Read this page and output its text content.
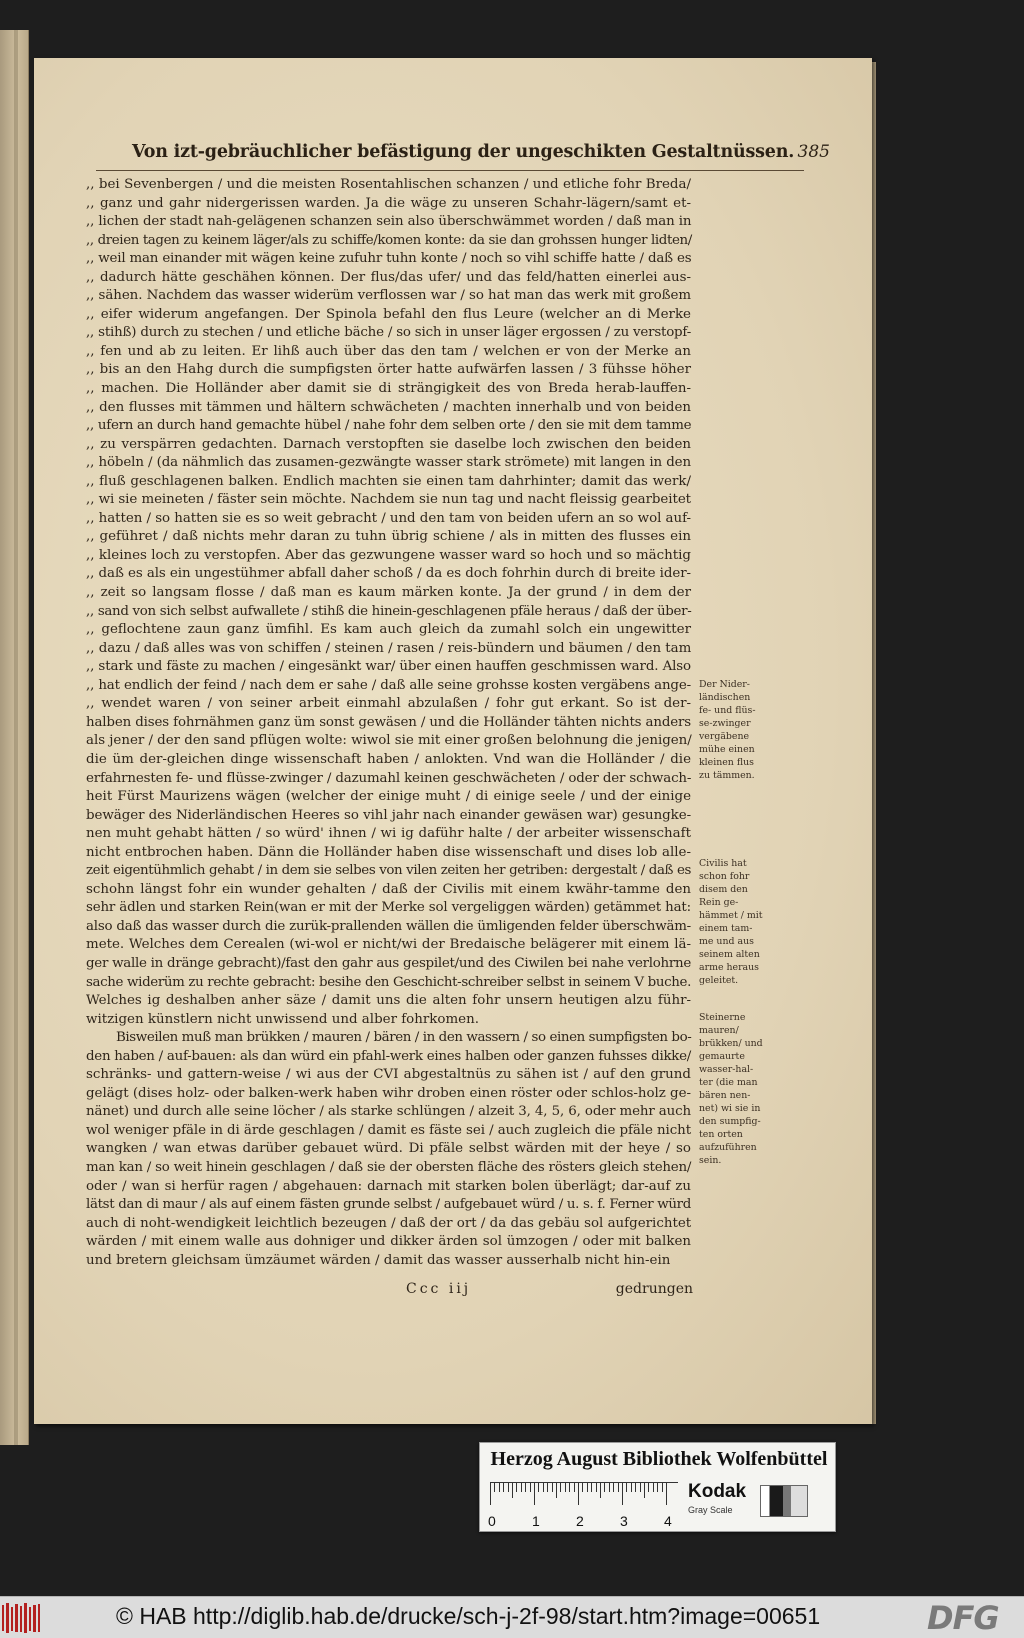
Von izt-gebräuchlicher befästigung der ungeschikten Gestaltnüssen. 385
,, bei Sevenbergen / und die meisten Rosentahlischen schanzen / und etliche fohr Breda/
,, ganz und gahr nidergerissen warden. Ja die wäge zu unseren Schahr-lägern/samt et-
,, lichen der stadt nah-gelägenen schanzen sein also überschwämmet worden / daß man in
,, dreien tagen zu keinem läger/als zu schiffe/komen konte: da sie dan grohssen hunger lidten/
,, weil man einander mit wägen keine zufuhr tuhn konte / noch so vihl schiffe hatte / daß es
,, dadurch hätte geschähen können. Der flus/das ufer/ und das feld/hatten einerlei aus-
,, sähen. Nachdem das wasser widerüm verflossen war / so hat man das werk mit großem
,, eifer widerum angefangen. Der Spinola befahl den flus Leure (welcher an di Merke
,, stihß) durch zu stechen / und etliche bäche / so sich in unser läger ergossen / zu verstopf-
,, fen und ab zu leiten. Er lihß auch über das den tam / welchen er von der Merke an
,, bis an den Hahg durch die sumpfigsten örter hatte aufwärfen lassen / 3 fühsse höher
,, machen. Die Holländer aber damit sie di strängigkeit des von Breda herab-lauffen-
,, den flusses mit tämmen und hältern schwächeten / machten innerhalb und von beiden
,, ufern an durch hand gemachte hübel / nahe fohr dem selben orte / den sie mit dem tamme
,, zu verspärren gedachten. Darnach verstopften sie daselbe loch zwischen den beiden
,, höbeln / (da nähmlich das zusamen-gezwängte wasser stark strömete) mit langen in den
,, fluß geschlagenen balken. Endlich machten sie einen tam dahrhinter; damit das werk/
,, wi sie meineten / fäster sein möchte. Nachdem sie nun tag und nacht fleissig gearbeitet
,, hatten / so hatten sie es so weit gebracht / und den tam von beiden ufern an so wol auf-
,, geführet / daß nichts mehr daran zu tuhn übrig schiene / als in mitten des flusses ein
,, kleines loch zu verstopfen. Aber das gezwungene wasser ward so hoch und so mächtig
,, daß es als ein ungestühmer abfall daher schoß / da es doch fohrhin durch di breite ider-
,, zeit so langsam flosse / daß man es kaum märken konte. Ja der grund / in dem der
,, sand von sich selbst aufwallete / stihß die hinein-geschlagenen pfäle heraus / daß der über-
,, geflochtene zaun ganz ümfihl. Es kam auch gleich da zumahl solch ein ungewitter
,, dazu / daß alles was von schiffen / steinen / rasen / reis-bündern und bäumen / den tam
,, stark und fäste zu machen / eingesänkt war/ über einen hauffen geschmissen ward. Also
,, hat endlich der feind / nach dem er sahe / daß alle seine grohsse kosten vergäbens ange-
,, wendet waren / von seiner arbeit einmahl abzulaßen / fohr gut erkant. So ist der-
halben dises fohrnähmen ganz üm sonst gewäsen / und die Holländer tähten nichts anders
als jener / der den sand pflügen wolte: wiwol sie mit einer großen belohnung die jenigen/
die üm der-gleichen dinge wissenschaft haben / anlokten. Vnd wan die Holländer / die
erfahrnesten fe- und flüsse-zwinger / dazumahl keinen geschwächeten / oder der schwach-
heit Fürst Maurizens wägen (welcher der einige muht / di einige seele / und der einige
bewäger des Niderländischen Heeres so vihl jahr nach einander gewäsen war) gesungke-
nen muht gehabt hätten / so würd' ihnen / wi ig daführ halte / der arbeiter wissenschaft
nicht entbrochen haben. Dänn die Holländer haben dise wissenschaft und dises lob alle-
zeit eigentühmlich gehabt / in dem sie selbes von vilen zeiten her getriben: dergestalt / daß es
schohn längst fohr ein wunder gehalten / daß der Civilis mit einem kwähr-tamme den
sehr ädlen und starken Rein(wan er mit der Merke sol vergeliggen wärden) getämmet hat:
also daß das wasser durch die zurük-prallenden wällen die ümligenden felder überschwäm-
mete. Welches dem Cerealen (wi-wol er nicht/wi der Bredaische belägerer mit einem lä-
ger walle in dränge gebracht)/fast den gahr aus gespilet/und des Ciwilen bei nahe verlohrne
sache widerüm zu rechte gebracht: besihe den Geschicht-schreiber selbst in seinem V buche.
Welches ig deshalben anher säze / damit uns die alten fohr unsern heutigen alzu führ-
witzigen künstlern nicht unwissend und alber fohrkomen.
Bisweilen muß man brükken / mauren / bären / in den wassern / so einen sumpfigsten bo-
den haben / auf-bauen: als dan würd ein pfahl-werk eines halben oder ganzen fuhsses dikke/
schränks- und gattern-weise / wi aus der CVI abgestaltnüs zu sähen ist / auf den grund
gelägt (dises holz- oder balken-werk haben wihr droben einen röster oder schlos-holz ge-
nänet) und durch alle seine löcher / als starke schlüngen / alzeit 3, 4, 5, 6, oder mehr auch
wol weniger pfäle in di ärde geschlagen / damit es fäste sei / auch zugleich die pfäle nicht
wangken / wan etwas darüber gebauet würd. Di pfäle selbst wärden mit der heye / so
man kan / so weit hinein geschlagen / daß sie der obersten fläche des rösters gleich stehen/
oder / wan si herfür ragen / abgehauen: darnach mit starken bolen überlägt; dar-auf zu
lätst dan di maur / als auf einem fästen grunde selbst / aufgebauet würd / u. s. f. Ferner würd
auch di noht-wendigkeit leichtlich bezeugen / daß der ort / da das gebäu sol aufgerichtet
wärden / mit einem walle aus dohniger und dikker ärden sol ümzogen / oder mit balken
und bretern gleichsam ümzäumet wärden / damit das wasser ausserhalb nicht hin-ein
Der Nider-
ländischen
fe- und flüs-
se-zwinger
vergäbene
mühe einen
kleinen flus
zu tämmen.
Civilis hat
schon fohr
disem den
Rein ge-
hämmet / mit
einem tam-
me und aus
seinem alten
arme heraus
geleitet.
Steinerne
mauren/
brükken/ und
gemaurte
wasser-hal-
ter (die man
bären nen-
net) wi sie in
den sumpfig-
ten orten
aufzuführen
sein.
Ccc iij	gedrungen
Herzog August Bibliothek Wolfenbüttel
0	1	2	3	4
Kodak
Gray Scale
© HAB http://diglib.hab.de/drucke/sch-j-2f-98/start.htm?image=00651	DFG
